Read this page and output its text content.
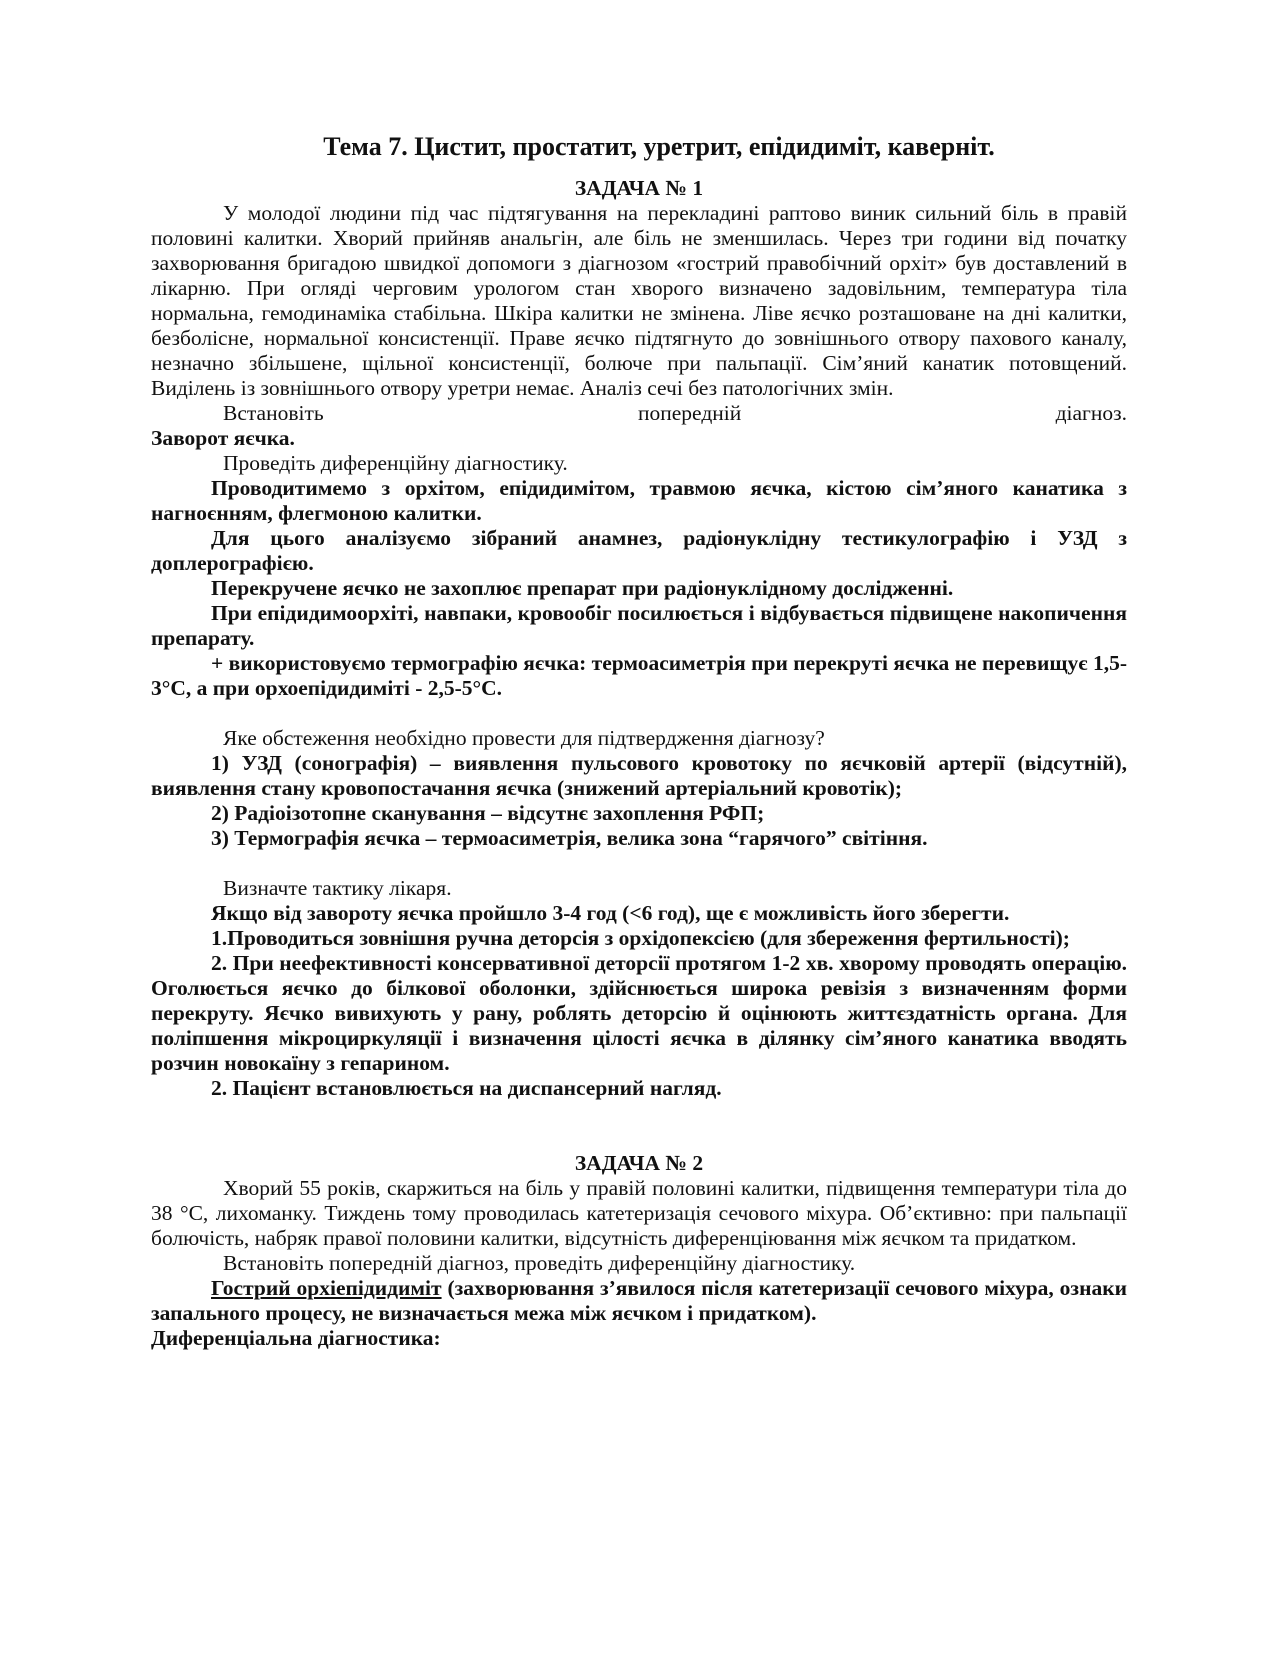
Тема 7. Цистит, простатит, уретрит, епідидиміт, каверніт.
ЗАДАЧА № 1

У молодої людини під час підтягування на перекладині раптово виник сильний біль в правій половині калитки. Хворий прийняв анальгін, але біль не зменшилась. Через три години від початку захворювання бригадою швидкої допомоги з діагнозом «гострий правобічний орхіт» був доставлений в лікарню. При огляді черговим урологом стан хворого визначено задовільним, температура тіла нормальна, гемодинаміка стабільна. Шкіра калитки не змінена. Ліве яєчко розташоване на дні калитки, безболісне, нормальної консистенції. Праве яєчко підтягнуто до зовнішнього отвору пахового каналу, незначно збільшене, щільної консистенції, болюче при пальпації. Сім’яний канатик потовщений. Виділень із зовнішнього отвору уретри немає. Аналіз сечі без патологічних змін.

Встановіть	попередній	діагноз.

Заворот яєчка.

Проведіть диференційну діагностику.

Проводитимемо з орхітом, епідидимітом, травмою яєчка, кістою сім’яного канатика з нагноєнням, флегмоною калитки.

Для цього аналізуємо зібраний анамнез, радіонуклідну тестикулографію і УЗД з доплерографією.

Перекручене яєчко не захоплює препарат при радіонуклідному дослідженні.

При епідидимоорхіті, навпаки, кровообіг посилюється і відбувається підвищене накопичення препарату.

+ використовуємо термографію яєчка: термоасиметрія при перекруті яєчка не перевищує 1,5-3°С, а при орхоепідидиміті - 2,5-5°С.

Яке обстеження необхідно провести для підтвердження діагнозу?

1) УЗД (сонографія) – виявлення пульсового кровотоку по яєчковій артерії (відсутній), виявлення стану кровопостачання яєчка (знижений артеріальний кровотік);

2) Радіоізотопне сканування – відсутнє захоплення РФП;

3) Термографія яєчка – термоасиметрія, велика зона “гарячого” світіння.

Визначте тактику лікаря.

Якщо від завороту яєчка пройшло 3-4 год (<6 год), ще є можливість його зберегти.

1.Проводиться зовнішня ручна деторсія з орхідопексією (для збереження фертильності);

2. При неефективності консервативної деторсії протягом 1-2 хв. хворому проводять операцію. Оголюється яєчко до білкової оболонки, здійснюється широка ревізія з визначенням форми перекруту. Яєчко вивихують у рану, роблять деторсію й оцінюють життєздатність органа. Для поліпшення мікроциркуляції і визначення цілості яєчка в ділянку сім’яного канатика вводять розчин новокаїну з гепарином.

2. Пацієнт встановлюється на диспансерний нагляд.

ЗАДАЧА № 2

Хворий 55 років, скаржиться на біль у правій половині калитки, підвищення температури тіла до 38 °С, лихоманку. Тиждень тому проводилась катетеризація сечового міхура. Об’єктивно: при пальпації болючість, набряк правої половини калитки, відсутність диференціювання між яєчком та придатком.

Встановіть попередній діагноз, проведіть диференційну діагностику.

Гострий орхіепідидиміт (захворювання з’явилося після катетеризації сечового міхура, ознаки запального процесу, не визначається межа між яєчком і придатком).

Диференціальна діагностика:
